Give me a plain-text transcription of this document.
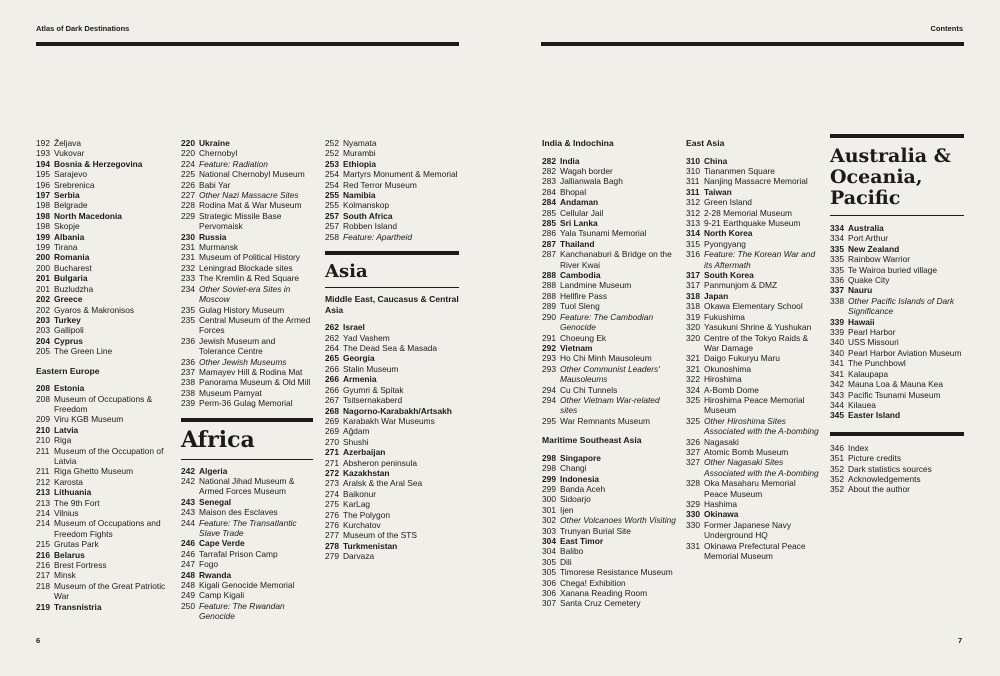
Atlas of Dark Destinations	Contents
192 Željava
193 Vukovar
194 Bosnia & Herzegovina
195 Sarajevo
196 Srebrenica
197 Serbia
198 Belgrade
198 North Macedonia
198 Skopje
199 Albania
199 Tirana
200 Romania
200 Bucharest
201 Bulgaria
201 Buzludzha
202 Greece
202 Gyaros & Makronisos
203 Turkey
203 Gallipoli
204 Cyprus
205 The Green Line
Eastern Europe
208 Estonia
208 Museum of Occupations & Freedom
209 Viru KGB Museum
210 Latvia
210 Riga
211 Museum of the Occupation of Latvia
211 Riga Ghetto Museum
212 Karosta
213 Lithuania
213 The 9th Fort
214 Vilnius
214 Museum of Occupations and Freedom Fights
215 Grutas Park
216 Belarus
216 Brest Fortress
217 Minsk
218 Museum of the Great Patriotic War
219 Transnistria
220 Ukraine
220 Chernobyl
224 Feature: Radiation
225 National Chernobyl Museum
226 Babi Yar
227 Other Nazi Massacre Sites
228 Rodina Mat & War Museum
229 Strategic Missile Base Pervomaisk
230 Russia
231 Murmansk
231 Museum of Political History
232 Leningrad Blockade sites
233 The Kremlin & Red Square
234 Other Soviet-era Sites in Moscow
235 Gulag History Museum
235 Central Museum of the Armed Forces
236 Jewish Museum and Tolerance Centre
236 Other Jewish Museums
237 Mamayev Hill & Rodina Mat
238 Panorama Museum & Old Mill
238 Museum Pamyat
239 Perm-36 Gulag Memorial
Africa
242 Algeria
242 National Jihad Museum & Armed Forces Museum
243 Senegal
243 Maison des Esclaves
244 Feature: The Transatlantic Slave Trade
246 Cape Verde
246 Tarrafal Prison Camp
247 Fogo
248 Rwanda
248 Kigali Genocide Memorial
249 Camp Kigali
250 Feature: The Rwandan Genocide
252 Nyamata
252 Murambi
253 Ethiopia
254 Martyrs Monument & Memorial
254 Red Terror Museum
255 Namibia
255 Kolmanskop
257 South Africa
257 Robben Island
258 Feature: Apartheid
Asia
Middle East, Caucasus & Central Asia
262 Israel
262 Yad Vashem
264 The Dead Sea & Masada
265 Georgia
266 Stalin Museum
266 Armenia
266 Gyumri & Spitak
267 Tsitsernakaberd
268 Nagorno-Karabakh/Artsakh
269 Karabakh War Museums
269 Ağdam
270 Shushi
271 Azerbaijan
271 Absheron peninsula
272 Kazakhstan
273 Aralsk & the Aral Sea
274 Baikonur
275 KarLag
276 The Polygon
276 Kurchatov
277 Museum of the STS
278 Turkmenistan
279 Darvaza
India & Indochina
282 India
282 Wagah border
283 Jallianwala Bagh
284 Bhopal
284 Andaman
285 Cellular Jail
285 Sri Lanka
286 Yala Tsunami Memorial
287 Thailand
287 Kanchanaburi & Bridge on the River Kwai
288 Cambodia
288 Landmine Museum
288 Hellfire Pass
289 Tuol Sleng
290 Feature: The Cambodian Genocide
291 Choeung Ek
292 Vietnam
293 Ho Chi Minh Mausoleum
293 Other Communist Leaders' Mausoleums
294 Cu Chi Tunnels
294 Other Vietnam War-related sites
295 War Remnants Museum
Maritime Southeast Asia
298 Singapore
298 Changi
299 Indonesia
299 Banda Aceh
300 Sidoarjo
301 Ijen
302 Other Volcanoes Worth Visiting
303 Trunyan Burial Site
304 East Timor
304 Balibo
305 Dili
305 Timorese Resistance Museum
306 Chega! Exhibition
306 Xanana Reading Room
307 Santa Cruz Cemetery
East Asia
310 China
310 Tiananmen Square
311 Nanjing Massacre Memorial
311 Taiwan
312 Green Island
312 2-28 Memorial Museum
313 9-21 Earthquake Museum
314 North Korea
315 Pyongyang
316 Feature: The Korean War and its Aftermath
317 South Korea
317 Panmunjom & DMZ
318 Japan
318 Okawa Elementary School
319 Fukushima
320 Yasukuni Shrine & Yushukan
320 Centre of the Tokyo Raids & War Damage
321 Daigo Fukuryu Maru
321 Okunoshima
322 Hiroshima
324 A-Bomb Dome
325 Hiroshima Peace Memorial Museum
325 Other Hiroshima Sites Associated with the A-bombing
326 Nagasaki
327 Atomic Bomb Museum
327 Other Nagasaki Sites Associated with the A-bombing
328 Oka Masaharu Memorial Peace Museum
329 Hashima
330 Okinawa
330 Former Japanese Navy Underground HQ
331 Okinawa Prefectural Peace Memorial Museum
Australia & Oceania, Pacific
334 Australia
334 Port Arthur
335 New Zealand
335 Rainbow Warrior
335 Te Wairoa buried village
336 Quake City
337 Nauru
338 Other Pacific Islands of Dark Significance
339 Hawaii
339 Pearl Harbor
340 USS Missouri
340 Pearl Harbor Aviation Museum
341 The Punchbowl
341 Kalaupapa
342 Mauna Loa & Mauna Kea
343 Pacific Tsunami Museum
344 Kilauea
345 Easter Island
346 Index
351 Picture credits
352 Dark statistics sources
352 Acknowledgements
352 About the author
6	7
